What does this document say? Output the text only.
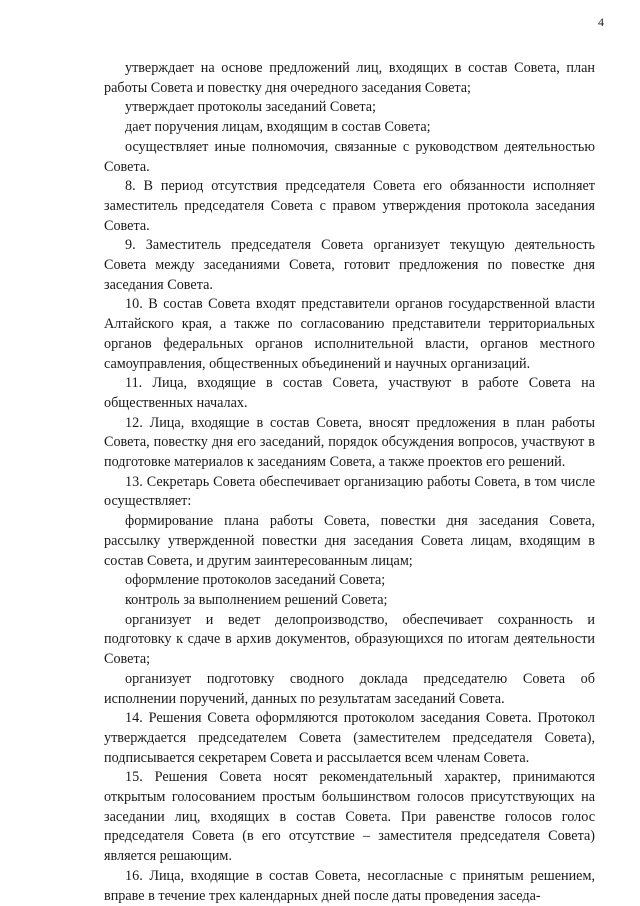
4

утверждает на основе предложений лиц, входящих в состав Совета, план работы Совета и повестку дня очередного заседания Совета;

утверждает протоколы заседаний Совета;

дает поручения лицам, входящим в состав Совета;

осуществляет иные полномочия, связанные с руководством деятельностью Совета.

8. В период отсутствия председателя Совета его обязанности исполняет заместитель председателя Совета с правом утверждения протокола заседания Совета.

9. Заместитель председателя Совета организует текущую деятельность Совета между заседаниями Совета, готовит предложения по повестке дня заседания Совета.

10. В состав Совета входят представители органов государственной власти Алтайского края, а также по согласованию представители территориальных органов федеральных органов исполнительной власти, органов местного самоуправления, общественных объединений и научных организаций.

11. Лица, входящие в состав Совета, участвуют в работе Совета на общественных началах.

12. Лица, входящие в состав Совета, вносят предложения в план работы Совета, повестку дня его заседаний, порядок обсуждения вопросов, участвуют в подготовке материалов к заседаниям Совета, а также проектов его решений.

13. Секретарь Совета обеспечивает организацию работы Совета, в том числе осуществляет:

формирование плана работы Совета, повестки дня заседания Совета, рассылку утвержденной повестки дня заседания Совета лицам, входящим в состав Совета, и другим заинтересованным лицам;

оформление протоколов заседаний Совета;

контроль за выполнением решений Совета;

организует и ведет делопроизводство, обеспечивает сохранность и подготовку к сдаче в архив документов, образующихся по итогам деятельности Совета;

организует подготовку сводного доклада председателю Совета об исполнении поручений, данных по результатам заседаний Совета.

14. Решения Совета оформляются протоколом заседания Совета. Протокол утверждается председателем Совета (заместителем председателя Совета), подписывается секретарем Совета и рассылается всем членам Совета.

15. Решения Совета носят рекомендательный характер, принимаются открытым голосованием простым большинством голосов присутствующих на заседании лиц, входящих в состав Совета. При равенстве голосов голос председателя Совета (в его отсутствие – заместителя председателя Совета) является решающим.

16. Лица, входящие в состав Совета, несогласные с принятым решением, вправе в течение трех календарных дней после даты проведения заседа-
